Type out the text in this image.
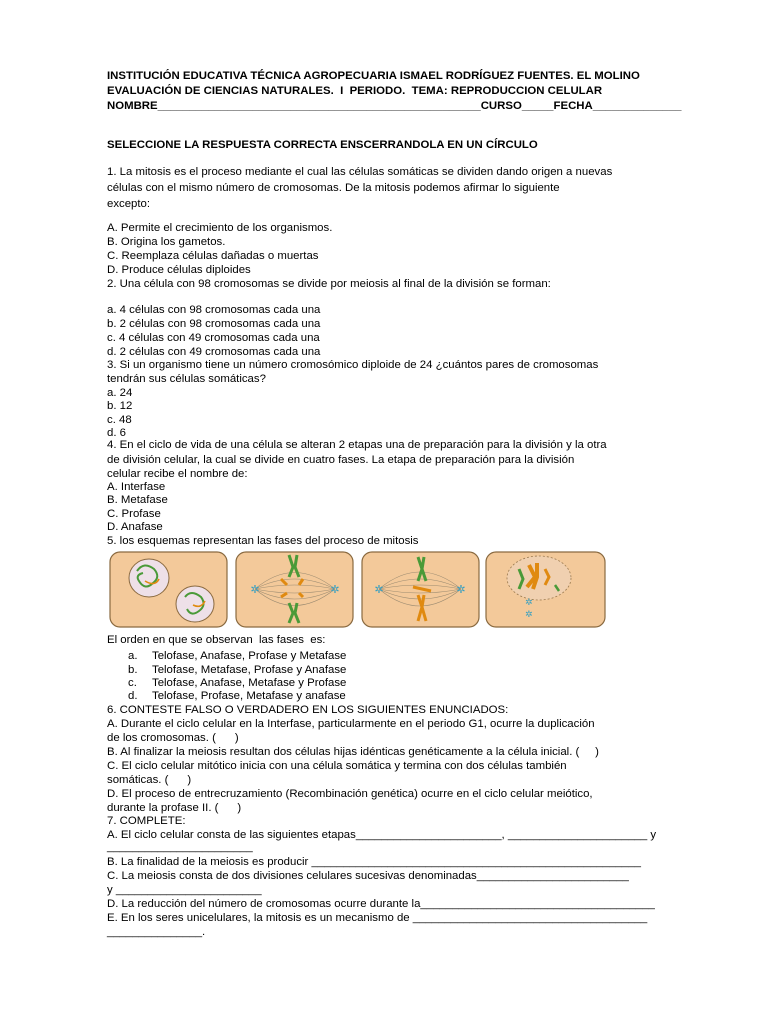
INSTITUCIÓN EDUCATIVA TÉCNICA AGROPECUARIA ISMAEL RODRÍGUEZ FUENTES. EL MOLINO
EVALUACIÓN DE CIENCIAS NATURALES.  I  PERIODO.  TEMA: REPRODUCCION CELULAR
NOMBRE___________________________________________________CURSO_____FECHA______________
SELECCIONE LA RESPUESTA CORRECTA ENSCERRANDOLA EN UN CÍRCULO
1. La mitosis es el proceso mediante el cual las células somáticas se dividen dando origen a nuevas
células con el mismo número de cromosomas. De la mitosis podemos afirmar lo siguiente
excepto:
A. Permite el crecimiento de los organismos.
B. Origina los gametos.
C. Reemplaza células dañadas o muertas
D. Produce células diploides
2. Una célula con 98 cromosomas se divide por meiosis al final de la división se forman:
a. 4 células con 98 cromosomas cada una
b. 2 células con 98 cromosomas cada una
c. 4 células con 49 cromosomas cada una
d. 2 células con 49 cromosomas cada una
3. Si un organismo tiene un número cromosómico diploide de 24 ¿cuántos pares de cromosomas
tendrán sus células somáticas?
a. 24
b. 12
c. 48
d. 6
4. En el ciclo de vida de una célula se alteran 2 etapas una de preparación para la división y la otra
de división celular, la cual se divide en cuatro fases. La etapa de preparación para la división
celular recibe el nombre de:
A. Interfase
B. Metafase
C. Profase
D. Anafase
5. los esquemas representan las fases del proceso de mitosis
✲	✲	✲	✲
✲
✲
El orden en que se observan  las fases  es:
a. Telofase, Anafase, Profase y Metafase
b. Telofase, Metafase, Profase y Anafase
c. Telofase, Anafase, Metafase y Profase
d. Telofase, Profase, Metafase y anafase
6. CONTESTE FALSO O VERDADERO EN LOS SIGUIENTES ENUNCIADOS:
A. Durante el ciclo celular en la Interfase, particularmente en el periodo G1, ocurre la duplicación
de los cromosomas. (      )
B. Al finalizar la meiosis resultan dos células hijas idénticas genéticamente a la célula inicial. (     )
C. El ciclo celular mitótico inicia con una célula somática y termina con dos células también
somáticas. (      )
D. El proceso de entrecruzamiento (Recombinación genética) ocurre en el ciclo celular meiótico,
durante la profase II. (      )
7. COMPLETE:
A. El ciclo celular consta de las siguientes etapas_______________________, ______________________ y
_______________________
B. La finalidad de la meiosis es producir ____________________________________________________
C. La meiosis consta de dos divisiones celulares sucesivas denominadas________________________
y _______________________
D. La reducción del número de cromosomas ocurre durante la_____________________________________
E. En los seres unicelulares, la mitosis es un mecanismo de _____________________________________
_______________.
